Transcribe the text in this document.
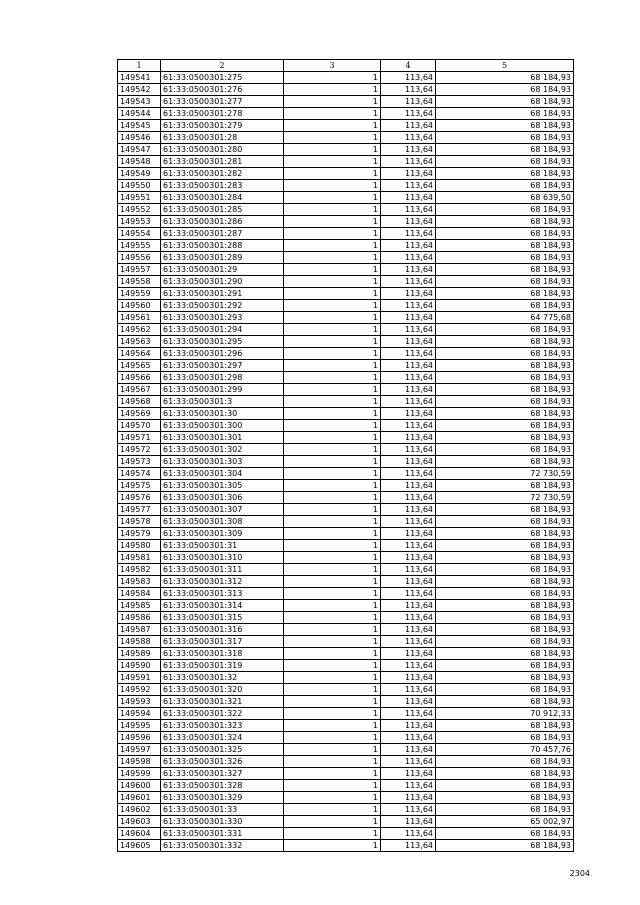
1	2	3	4	5
149541	61:33:0500301:275	1	113,64	68 184,93
149542	61:33:0500301:276	1	113,64	68 184,93
149543	61:33:0500301:277	1	113,64	68 184,93
149544	61:33:0500301:278	1	113,64	68 184,93
149545	61:33:0500301:279	1	113,64	68 184,93
149546	61:33:0500301:28	1	113,64	68 184,93
149547	61:33:0500301:280	1	113,64	68 184,93
149548	61:33:0500301:281	1	113,64	68 184,93
149549	61:33:0500301:282	1	113,64	68 184,93
149550	61:33:0500301:283	1	113,64	68 184,93
149551	61:33:0500301:284	1	113,64	68 639,50
149552	61:33:0500301:285	1	113,64	68 184,93
149553	61:33:0500301:286	1	113,64	68 184,93
149554	61:33:0500301:287	1	113,64	68 184,93
149555	61:33:0500301:288	1	113,64	68 184,93
149556	61:33:0500301:289	1	113,64	68 184,93
149557	61:33:0500301:29	1	113,64	68 184,93
149558	61:33:0500301:290	1	113,64	68 184,93
149559	61:33:0500301:291	1	113,64	68 184,93
149560	61:33:0500301:292	1	113,64	68 184,93
149561	61:33:0500301:293	1	113,64	64 775,68
149562	61:33:0500301:294	1	113,64	68 184,93
149563	61:33:0500301:295	1	113,64	68 184,93
149564	61:33:0500301:296	1	113,64	68 184,93
149565	61:33:0500301:297	1	113,64	68 184,93
149566	61:33:0500301:298	1	113,64	68 184,93
149567	61:33:0500301:299	1	113,64	68 184,93
149568	61:33:0500301:3	1	113,64	68 184,93
149569	61:33:0500301:30	1	113,64	68 184,93
149570	61:33:0500301:300	1	113,64	68 184,93
149571	61:33:0500301:301	1	113,64	68 184,93
149572	61:33:0500301:302	1	113,64	68 184,93
149573	61:33:0500301:303	1	113,64	68 184,93
149574	61:33:0500301:304	1	113,64	72 730,59
149575	61:33:0500301:305	1	113,64	68 184,93
149576	61:33:0500301:306	1	113,64	72 730,59
149577	61:33:0500301:307	1	113,64	68 184,93
149578	61:33:0500301:308	1	113,64	68 184,93
149579	61:33:0500301:309	1	113,64	68 184,93
149580	61:33:0500301:31	1	113,64	68 184,93
149581	61:33:0500301:310	1	113,64	68 184,93
149582	61:33:0500301:311	1	113,64	68 184,93
149583	61:33:0500301:312	1	113,64	68 184,93
149584	61:33:0500301:313	1	113,64	68 184,93
149585	61:33:0500301:314	1	113,64	68 184,93
149586	61:33:0500301:315	1	113,64	68 184,93
149587	61:33:0500301:316	1	113,64	68 184,93
149588	61:33:0500301:317	1	113,64	68 184,93
149589	61:33:0500301:318	1	113,64	68 184,93
149590	61:33:0500301:319	1	113,64	68 184,93
149591	61:33:0500301:32	1	113,64	68 184,93
149592	61:33:0500301:320	1	113,64	68 184,93
149593	61:33:0500301:321	1	113,64	68 184,93
149594	61:33:0500301:322	1	113,64	70 912,33
149595	61:33:0500301:323	1	113,64	68 184,93
149596	61:33:0500301:324	1	113,64	68 184,93
149597	61:33:0500301:325	1	113,64	70 457,76
149598	61:33:0500301:326	1	113,64	68 184,93
149599	61:33:0500301:327	1	113,64	68 184,93
149600	61:33:0500301:328	1	113,64	68 184,93
149601	61:33:0500301:329	1	113,64	68 184,93
149602	61:33:0500301:33	1	113,64	68 184,93
149603	61:33:0500301:330	1	113,64	65 002,97
149604	61:33:0500301:331	1	113,64	68 184,93
149605	61:33:0500301:332	1	113,64	68 184,93
2304
